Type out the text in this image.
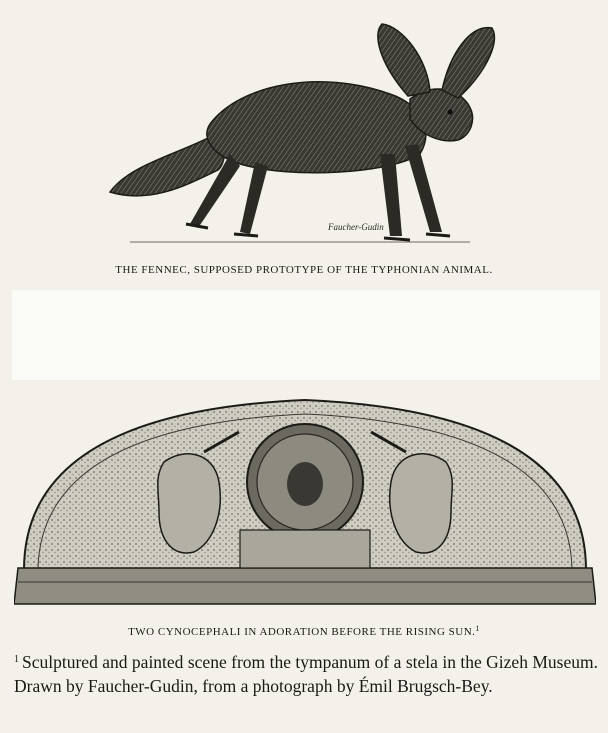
Faucher-Gudin
THE FENNEC, SUPPOSED PROTOTYPE OF THE TYPHONIAN ANIMAL.
TWO CYNOCEPHALI IN ADORATION BEFORE THE RISING SUN.$^1$
$^1$ Sculptured and painted scene from the tympanum of a stela in the Gizeh Museum. Drawn by Faucher-Gudin, from a photograph by Émil Brugsch-Bey.
